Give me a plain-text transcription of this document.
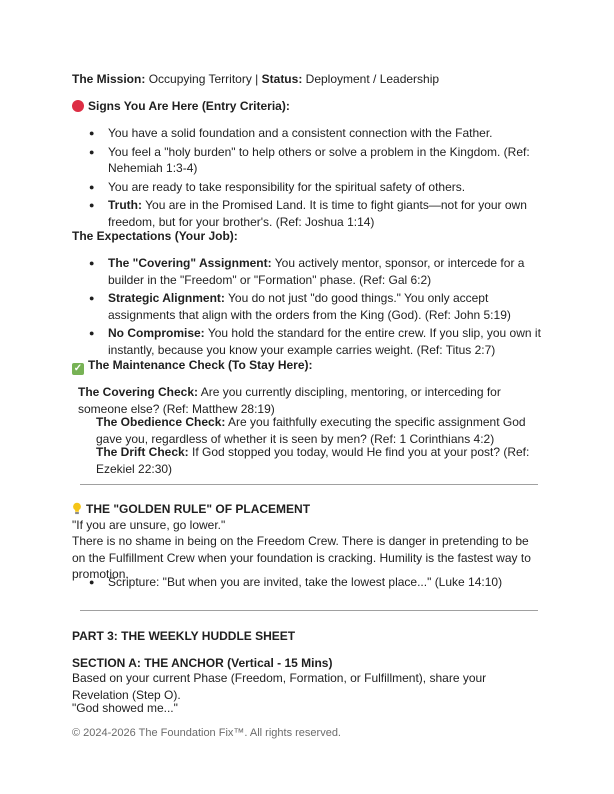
The Mission: Occupying Territory | Status: Deployment / Leadership
Signs You Are Here (Entry Criteria):
● You have a solid foundation and a consistent connection with the Father.
● You feel a "holy burden" to help others or solve a problem in the Kingdom. (Ref: Nehemiah 1:3-4)
● You are ready to take responsibility for the spiritual safety of others.
● Truth: You are in the Promised Land. It is time to fight giants—not for your own freedom, but for your brother's. (Ref: Joshua 1:14)
The Expectations (Your Job):
● The "Covering" Assignment: You actively mentor, sponsor, or intercede for a builder in the "Freedom" or "Formation" phase. (Ref: Gal 6:2)
● Strategic Alignment: You do not just "do good things." You only accept assignments that align with the orders from the King (God). (Ref: John 5:19)
● No Compromise: You hold the standard for the entire crew. If you slip, you own it instantly, because you know your example carries weight. (Ref: Titus 2:7)
✓ The Maintenance Check (To Stay Here):
The Covering Check: Are you currently discipling, mentoring, or interceding for someone else? (Ref: Matthew 28:19)
The Obedience Check: Are you faithfully executing the specific assignment God gave you, regardless of whether it is seen by men? (Ref: 1 Corinthians 4:2)
The Drift Check: If God stopped you today, would He find you at your post? (Ref: Ezekiel 22:30)
THE "GOLDEN RULE" OF PLACEMENT
"If you are unsure, go lower."
There is no shame in being on the Freedom Crew. There is danger in pretending to be on the Fulfillment Crew when your foundation is cracking. Humility is the fastest way to promotion.
● Scripture: "But when you are invited, take the lowest place..." (Luke 14:10)
PART 3: THE WEEKLY HUDDLE SHEET
SECTION A: THE ANCHOR (Vertical - 15 Mins)
Based on your current Phase (Freedom, Formation, or Fulfillment), share your Revelation (Step O).
"God showed me..."
© 2024-2026 The Foundation Fix™. All rights reserved.
